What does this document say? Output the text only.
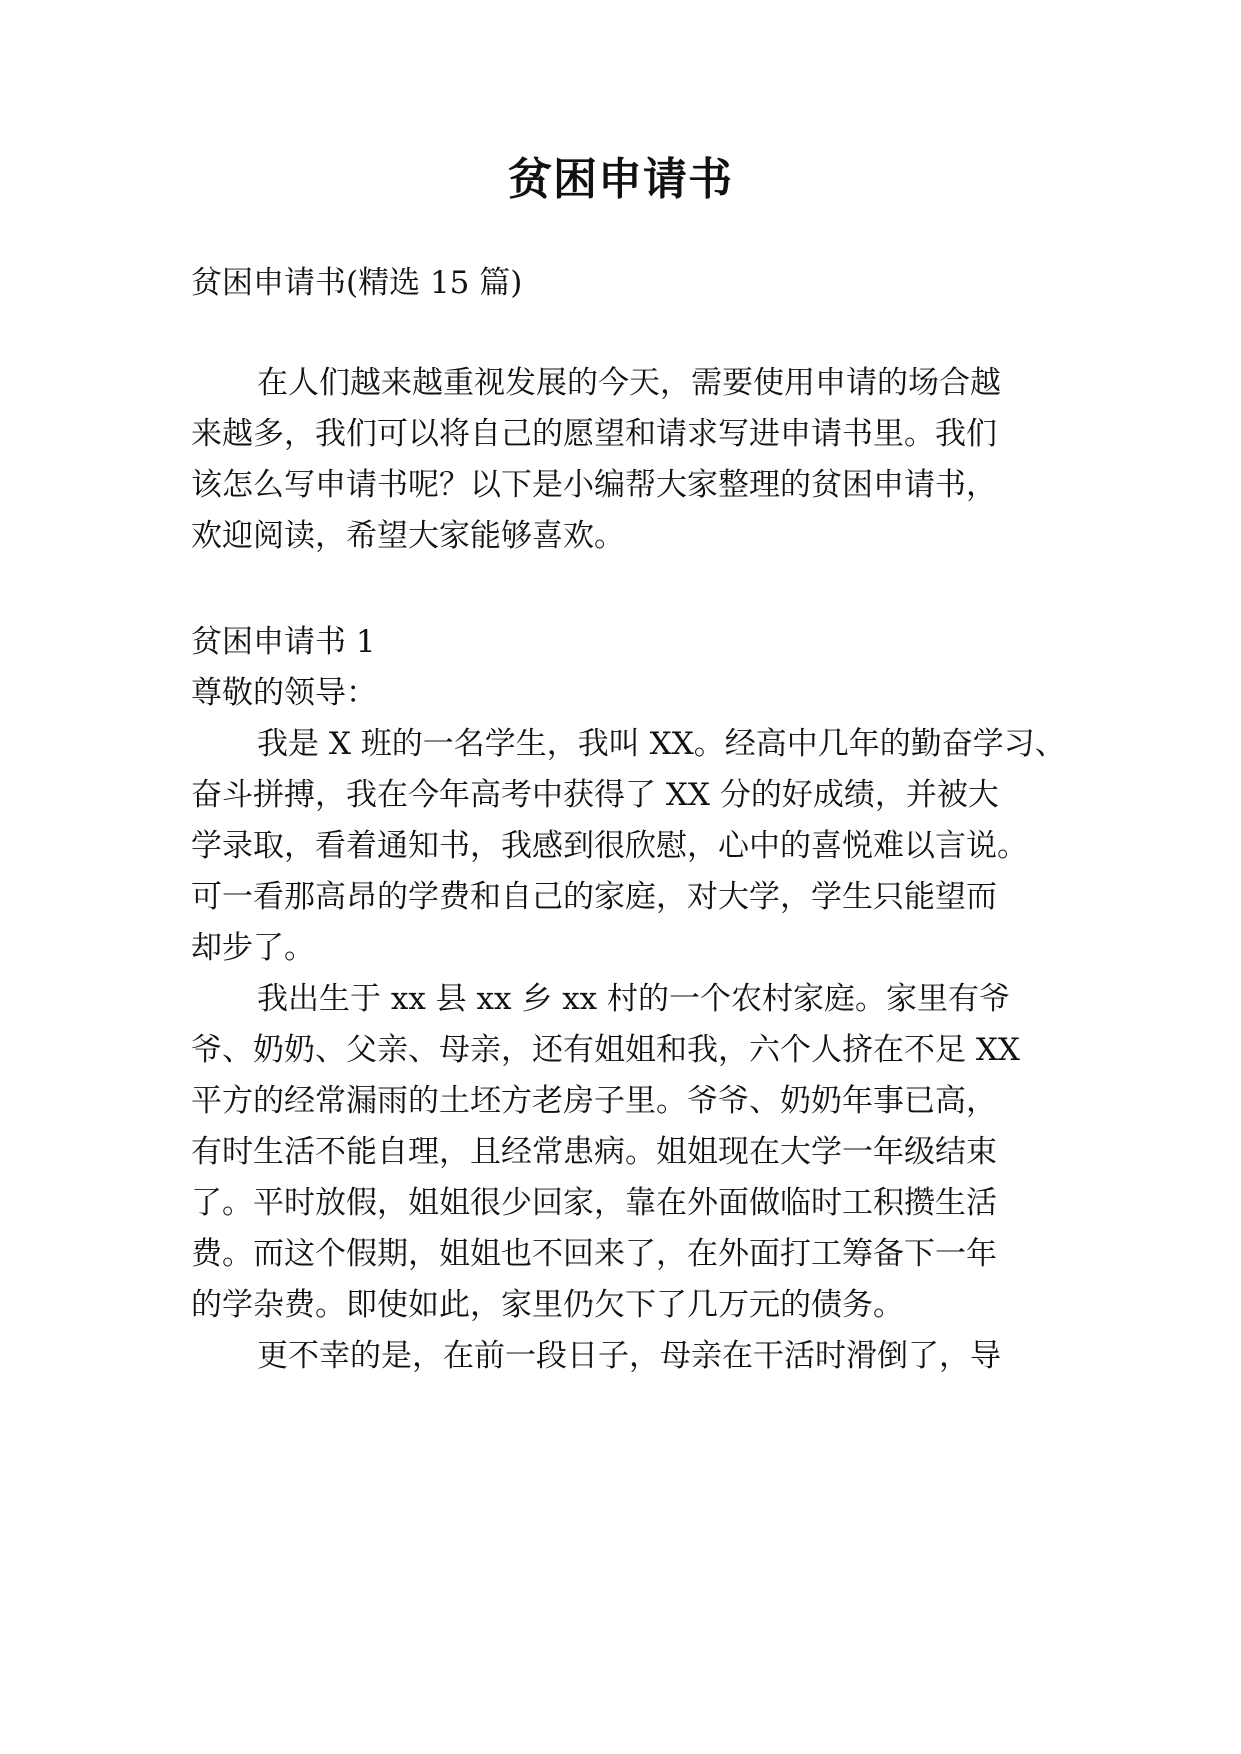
贫困申请书

贫困申请书(精选 15 篇)

在人们越来越重视发展的今天，需要使用申请的场合越

来越多，我们可以将自己的愿望和请求写进申请书里。我们

该怎么写申请书呢？以下是小编帮大家整理的贫困申请书，

欢迎阅读，希望大家能够喜欢。

贫困申请书 1

尊敬的领导：

我是 X 班的一名学生，我叫 XX。经高中几年的勤奋学习、

奋斗拼搏，我在今年高考中获得了 XX 分的好成绩，并被大

学录取，看着通知书，我感到很欣慰，心中的喜悦难以言说。

可一看那高昂的学费和自己的家庭，对大学，学生只能望而

却步了。

我出生于 xx 县 xx 乡 xx 村的一个农村家庭。家里有爷

爷、奶奶、父亲、母亲，还有姐姐和我，六个人挤在不足 XX

平方的经常漏雨的土坯方老房子里。爷爷、奶奶年事已高，

有时生活不能自理，且经常患病。姐姐现在大学一年级结束

了。平时放假，姐姐很少回家，靠在外面做临时工积攒生活

费。而这个假期，姐姐也不回来了，在外面打工筹备下一年

的学杂费。即使如此，家里仍欠下了几万元的债务。

更不幸的是，在前一段日子，母亲在干活时滑倒了，导
